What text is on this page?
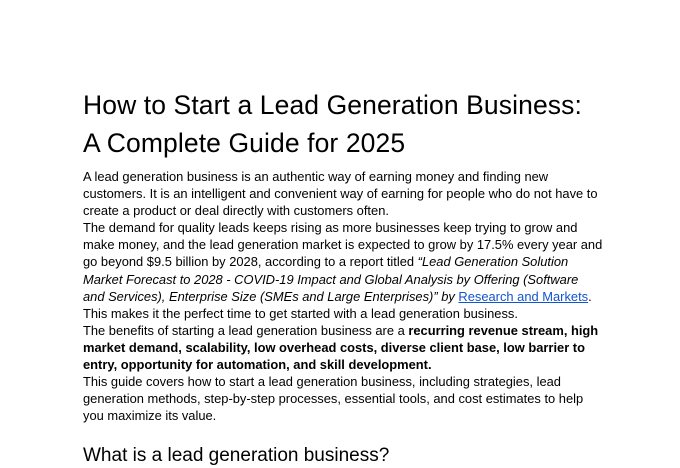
How to Start a Lead Generation Business: A Complete Guide for 2025

A lead generation business is an authentic way of earning money and finding new customers. It is an intelligent and convenient way of earning for people who do not have to create a product or deal directly with customers often.

The demand for quality leads keeps rising as more businesses keep trying to grow and make money, and the lead generation market is expected to grow by 17.5% every year and go beyond $9.5 billion by 2028, according to a report titled “Lead Generation Solution Market Forecast to 2028 - COVID-19 Impact and Global Analysis by Offering (Software and Services), Enterprise Size (SMEs and Large Enterprises)” by Research and Markets. This makes it the perfect time to get started with a lead generation business.

The benefits of starting a lead generation business are a recurring revenue stream, high market demand, scalability, low overhead costs, diverse client base, low barrier to entry, opportunity for automation, and skill development.

This guide covers how to start a lead generation business, including strategies, lead generation methods, step-by-step processes, essential tools, and cost estimates to help you maximize its value.

What is a lead generation business?
